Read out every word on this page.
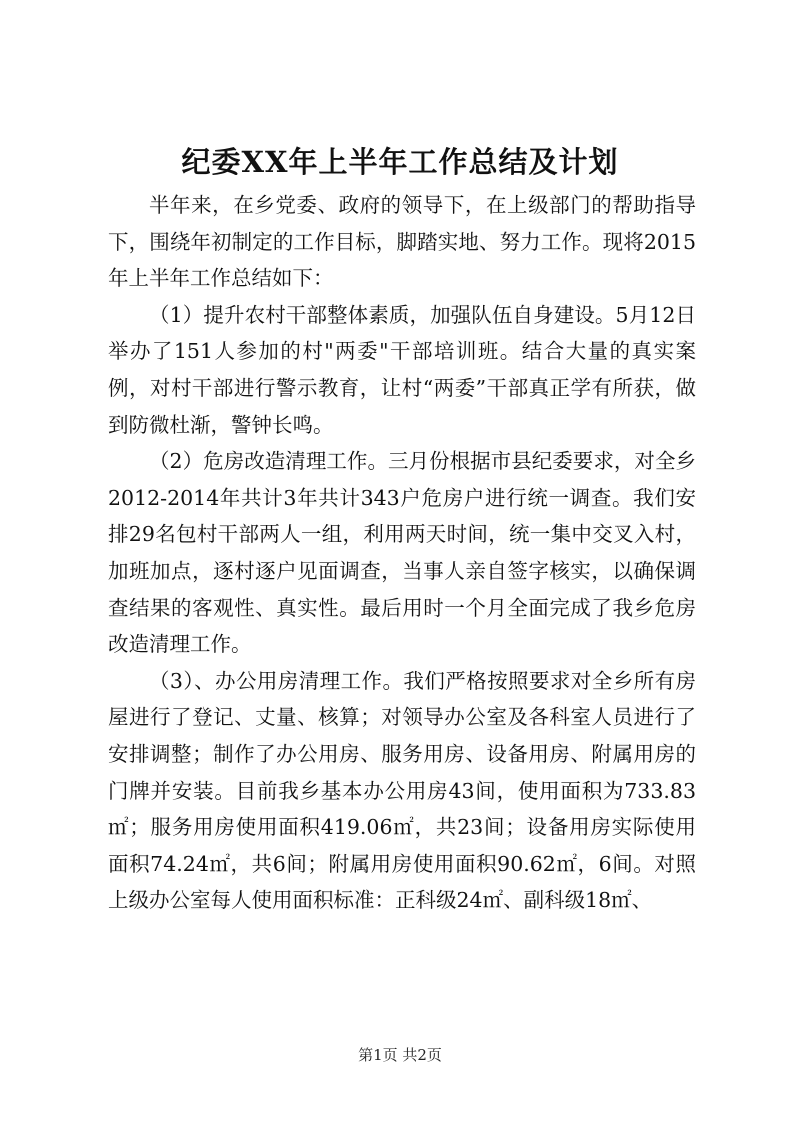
纪委XX年上半年工作总结及计划

半年来，在乡党委、政府的领导下，在上级部门的帮助指导下，围绕年初制定的工作目标，脚踏实地、努力工作。现将2015年上半年工作总结如下：

（1）提升农村干部整体素质，加强队伍自身建设。5月12日举办了151人参加的村"两委"干部培训班。结合大量的真实案例，对村干部进行警示教育，让村“两委”干部真正学有所获，做到防微杜渐，警钟长鸣。

（2）危房改造清理工作。三月份根据市县纪委要求，对全乡2012-2014年共计3年共计343户危房户进行统一调查。我们安排29名包村干部两人一组，利用两天时间，统一集中交叉入村，加班加点，逐村逐户见面调查，当事人亲自签字核实，以确保调查结果的客观性、真实性。最后用时一个月全面完成了我乡危房改造清理工作。

（3）、办公用房清理工作。我们严格按照要求对全乡所有房屋进行了登记、丈量、核算；对领导办公室及各科室人员进行了安排调整；制作了办公用房、服务用房、设备用房、附属用房的门牌并安装。目前我乡基本办公用房43间，使用面积为733.83㎡；服务用房使用面积419.06㎡，共23间；设备用房实际使用面积74.24㎡，共6间；附属用房使用面积90.62㎡，6间。对照上级办公室每人使用面积标准：正科级24㎡、副科级18㎡、

第1页 共2页
